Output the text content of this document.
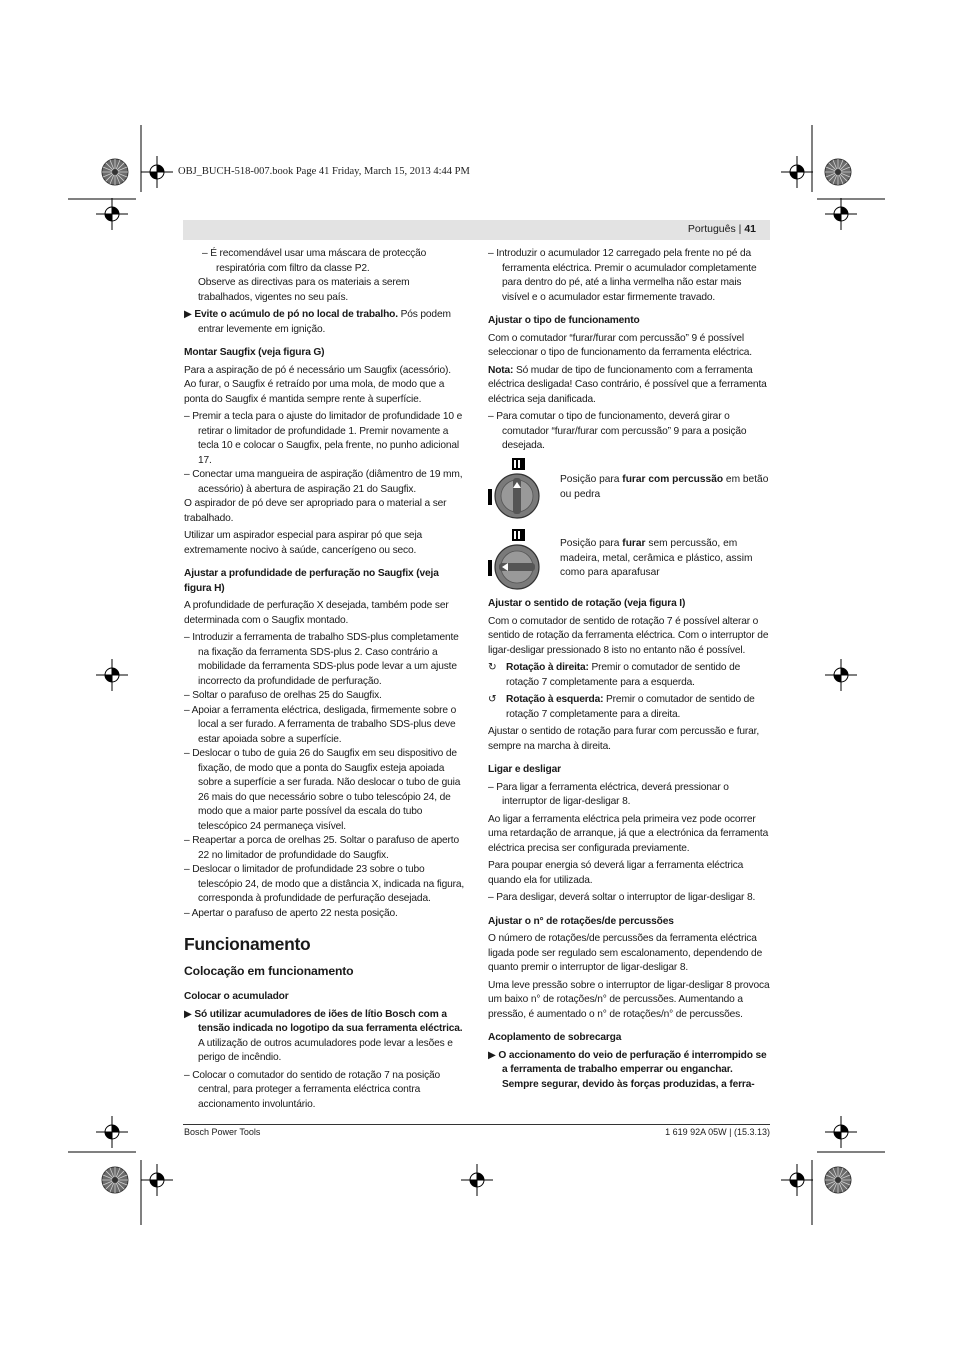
OBJ_BUCH-518-007.book Page 41 Friday, March 15, 2013 4:44 PM
Português | 41

– É recomendável usar uma máscara de protecção respiratória com filtro da classe P2.

Observe as directivas para os materiais a serem trabalhados, vigentes no seu país.

▶ Evite o acúmulo de pó no local de trabalho. Pós podem entrar levemente em ignição.

Montar Saugfix (veja figura G)

Para a aspiração de pó é necessário um Saugfix (acessório). Ao furar, o Saugfix é retraído por uma mola, de modo que a ponta do Saugfix é mantida sempre rente à superfície.

– Premir a tecla para o ajuste do limitador de profundidade 10 e retirar o limitador de profundidade 1. Premir novamente a tecla 10 e colocar o Saugfix, pela frente, no punho adicional 17.

– Conectar uma mangueira de aspiração (diâmentro de 19 mm, acessório) à abertura de aspiração 21 do Saugfix.

O aspirador de pó deve ser apropriado para o material a ser trabalhado.

Utilizar um aspirador especial para aspirar pó que seja extremamente nocivo à saúde, cancerígeno ou seco.

Ajustar a profundidade de perfuração no Saugfix (veja figura H)

A profundidade de perfuração X desejada, também pode ser determinada com o Saugfix montado.

– Introduzir a ferramenta de trabalho SDS-plus completamente na fixação da ferramenta SDS-plus 2. Caso contrário a mobilidade da ferramenta SDS-plus pode levar a um ajuste incorrecto da profundidade de perfuração.

– Soltar o parafuso de orelhas 25 do Saugfix.

– Apoiar a ferramenta eléctrica, desligada, firmemente sobre o local a ser furado. A ferramenta de trabalho SDS-plus deve estar apoiada sobre a superfície.

– Deslocar o tubo de guia 26 do Saugfix em seu dispositivo de fixação, de modo que a ponta do Saugfix esteja apoiada sobre a superfície a ser furada. Não deslocar o tubo de guia 26 mais do que necessário sobre o tubo telescópio 24, de modo que a maior parte possível da escala do tubo telescópico 24 permaneça visível.

– Reapertar a porca de orelhas 25. Soltar o parafuso de aperto 22 no limitador de profundidade do Saugfix.

– Deslocar o limitador de profundidade 23 sobre o tubo telescópio 24, de modo que a distância X, indicada na figura, corresponda à profundidade de perfuração desejada.

– Apertar o parafuso de aperto 22 nesta posição.

Funcionamento
Colocação em funcionamento

Colocar o acumulador

▶ Só utilizar acumuladores de iões de lítio Bosch com a tensão indicada no logotipo da sua ferramenta eléctrica. A utilização de outros acumuladores pode levar a lesões e perigo de incêndio.

– Colocar o comutador do sentido de rotação 7 na posição central, para proteger a ferramenta eléctrica contra accionamento involuntário.

– Introduzir o acumulador 12 carregado pela frente no pé da ferramenta eléctrica. Premir o acumulador completamente para dentro do pé, até a linha vermelha não estar mais visível e o acumulador estar firmemente travado.

Ajustar o tipo de funcionamento

Com o comutador “furar/furar com percussão” 9 é possível seleccionar o tipo de funcionamento da ferramenta eléctrica.

Nota: Só mudar de tipo de funcionamento com a ferramenta eléctrica desligada! Caso contrário, é possível que a ferramenta eléctrica seja danificada.

– Para comutar o tipo de funcionamento, deverá girar o comutador “furar/furar com percussão” 9 para a posição desejada.

Posição para furar com percussão em betão ou pedra
Posição para furar sem percussão, em madeira, metal, cerâmica e plástico, assim como para aparafusar

Ajustar o sentido de rotação (veja figura I)

Com o comutador de sentido de rotação 7 é possível alterar o sentido de rotação da ferramenta eléctrica. Com o interruptor de ligar-desligar pressionado 8 isto no entanto não é possível.

↻ Rotação à direita: Premir o comutador de sentido de rotação 7 completamente para a esquerda.

↺ Rotação à esquerda: Premir o comutador de sentido de rotação 7 completamente para a direita.

Ajustar o sentido de rotação para furar com percussão e furar, sempre na marcha à direita.

Ligar e desligar

– Para ligar a ferramenta eléctrica, deverá pressionar o interruptor de ligar-desligar 8.

Ao ligar a ferramenta eléctrica pela primeira vez pode ocorrer uma retardação de arranque, já que a electrónica da ferramenta eléctrica precisa ser configurada previamente.

Para poupar energia só deverá ligar a ferramenta eléctrica quando ela for utilizada.

– Para desligar, deverá soltar o interruptor de ligar-desligar 8.

Ajustar o n° de rotações/de percussões

O número de rotações/de percussões da ferramenta eléctrica ligada pode ser regulado sem escalonamento, dependendo de quanto premir o interruptor de ligar-desligar 8.

Uma leve pressão sobre o interruptor de ligar-desligar 8 provoca um baixo n° de rotações/n° de percussões. Aumentando a pressão, é aumentado o n° de rotações/n° de percussões.

Acoplamento de sobrecarga

▶ O accionamento do veio de perfuração é interrompido se a ferramenta de trabalho emperrar ou enganchar. Sempre segurar, devido às forças produzidas, a ferra-

Bosch Power Tools	1 619 92A 05W | (15.3.13)
